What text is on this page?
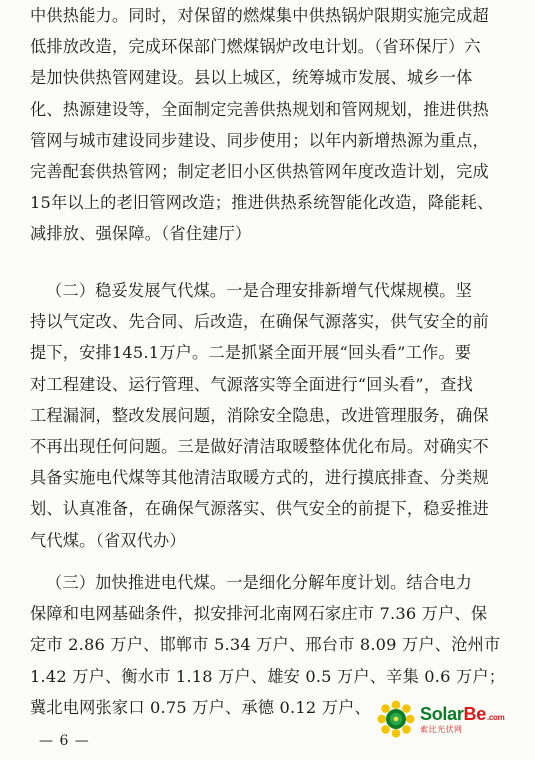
中供热能力。同时，对保留的燃煤集中供热锅炉限期实施完成超
低排放改造，完成环保部门燃煤锅炉改电计划。（省环保厅）六
是加快供热管网建设。县以上城区，统筹城市发展、城乡一体
化、热源建设等，全面制定完善供热规划和管网规划，推进供热
管网与城市建设同步建设、同步使用；以年内新增热源为重点，
完善配套供热管网；制定老旧小区供热管网年度改造计划，完成
15年以上的老旧管网改造；推进供热系统智能化改造，降能耗、
减排放、强保障。（省住建厅）
（二）稳妥发展气代煤。一是合理安排新增气代煤规模。坚
持以气定改、先合同、后改造，在确保气源落实，供气安全的前
提下，安排145.1万户。二是抓紧全面开展“回头看”工作。要
对工程建设、运行管理、气源落实等全面进行“回头看”，查找
工程漏洞，整改发展问题，消除安全隐患，改进管理服务，确保
不再出现任何问题。三是做好清洁取暖整体优化布局。对确实不
具备实施电代煤等其他清洁取暖方式的，进行摸底排查、分类规
划、认真准备，在确保气源落实、供气安全的前提下，稳妥推进
气代煤。（省双代办）
（三）加快推进电代煤。一是细化分解年度计划。结合电力
保障和电网基础条件，拟安排河北南网石家庄市 7.36 万户、保
定市 2.86 万户、邯郸市 5.34 万户、邢台市 8.09 万户、沧州市
1.42 万户、衡水市 1.18 万户、雄安 0.5 万户、辛集 0.6 万户；
冀北电网张家口 0.75 万户、承德 0.12 万户、
— 6 —
SolarBe.com
索比光伏网
